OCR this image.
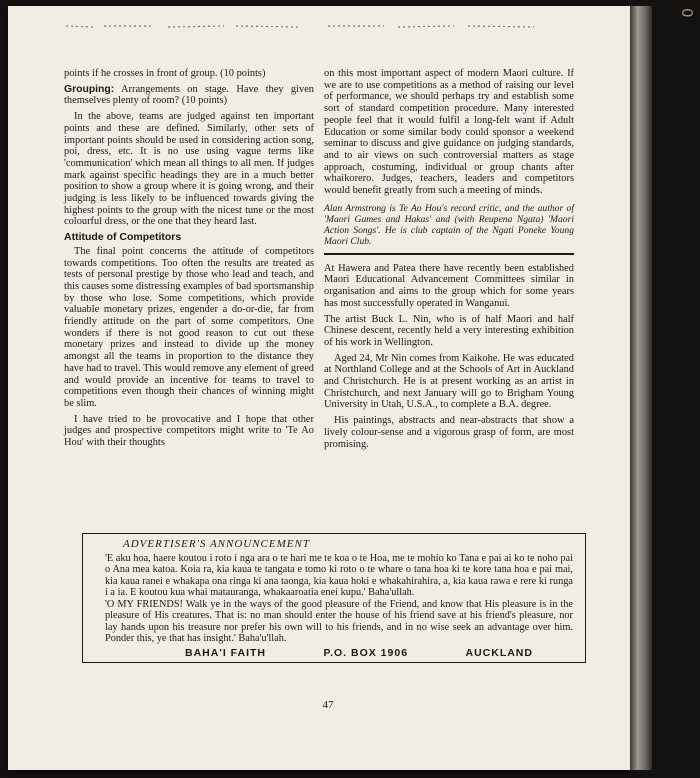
points if he crosses in front of group. (10 points)

Grouping: Arrangements on stage. Have they given themselves plenty of room? (10 points)

In the above, teams are judged against ten important points and these are defined. Similarly, other sets of important points should be used in considering action song, poi, dress, etc. It is no use using vague terms like 'communication' which mean all things to all men. If judges mark against specific headings they are in a much better position to show a group where it is going wrong, and their judging is less likely to be influenced towards giving the highest points to the group with the nicest tune or the most colourful dress, or the one that they heard last.

Attitude of Competitors

The final point concerns the attitude of competitors towards competitions. Too often the results are treated as tests of personal prestige by those who lead and teach, and this causes some distressing examples of bad sportsmanship by those who lose. Some competitions, which provide valuable monetary prizes, engender a do-or-die, far from friendly attitude on the part of some competitors. One wonders if there is not good reason to cut out these monetary prizes and instead to divide up the money amongst all the teams in proportion to the distance they have had to travel. This would remove any element of greed and would provide an incentive for teams to travel to competitions even though their chances of winning might be slim.

I have tried to be provocative and I hope that other judges and prospective competitors might write to 'Te Ao Hou' with their thoughts

on this most important aspect of modern Maori culture. If we are to use competitions as a method of raising our level of performance, we should perhaps try and establish some sort of standard competition procedure. Many interested people feel that it would fulfil a long-felt want if Adult Education or some similar body could sponsor a weekend seminar to discuss and give guidance on judging standards, and to air views on such controversial matters as stage approach, costuming, individual or group chants after whaikorero. Judges, teachers, leaders and competitors would benefit greatly from such a meeting of minds.

Alan Armstrong is Te Ao Hou's record critic, and the author of 'Maori Games and Hakas' and (with Reupena Ngata) 'Maori Action Songs'. He is club captain of the Ngati Poneke Young Maori Club.

At Hawera and Patea there have recently been established Maori Educational Advancement Committees similar in organisation and aims to the group which for some years has most successfully operated in Wanganui.

The artist Buck L. Nin, who is of half Maori and half Chinese descent, recently held a very interesting exhibition of his work in Wellington.

Aged 24, Mr Nin comes from Kaikohe. He was educated at Northland College and at the Schools of Art in Auckland and Christchurch. He is at present working as an artist in Christchurch, and next January will go to Brigham Young University in Utah, U.S.A., to complete a B.A. degree.

His paintings, abstracts and near-abstracts that show a lively colour-sense and a vigorous grasp of form, are most promising.

ADVERTISER'S ANNOUNCEMENT

'E aku hoa, haere koutou i roto i nga ara o te hari me te koa o te Hoa, me te mohio ko Tana e pai ai ko te noho pai o Ana mea katoa. Koia ra, kia kaua te tangata e tomo ki roto o te whare o tana hoa ki te kore tana hoa e pai mai, kia kaua ranei e whakapa ona ringa ki ana taonga, kia kaua hoki e whakahirahira, a, kia kaua rawa e rere ki runga i a ia. E koutou kua whai matauranga, whakaaroatia enei kupu.' Baha'ullah.

'O MY FRIENDS! Walk ye in the ways of the good pleasure of the Friend, and know that His pleasure is in the pleasure of His creatures. That is: no man should enter the house of his friend save at his friend's pleasure, nor lay hands upon his treasure nor prefer his own will to his friends, and in no wise seek an advantage over him. Ponder this, ye that has insight.' Baha'u'llah.

BAHA'I FAITH	P.O. BOX 1906	AUCKLAND
47
0
